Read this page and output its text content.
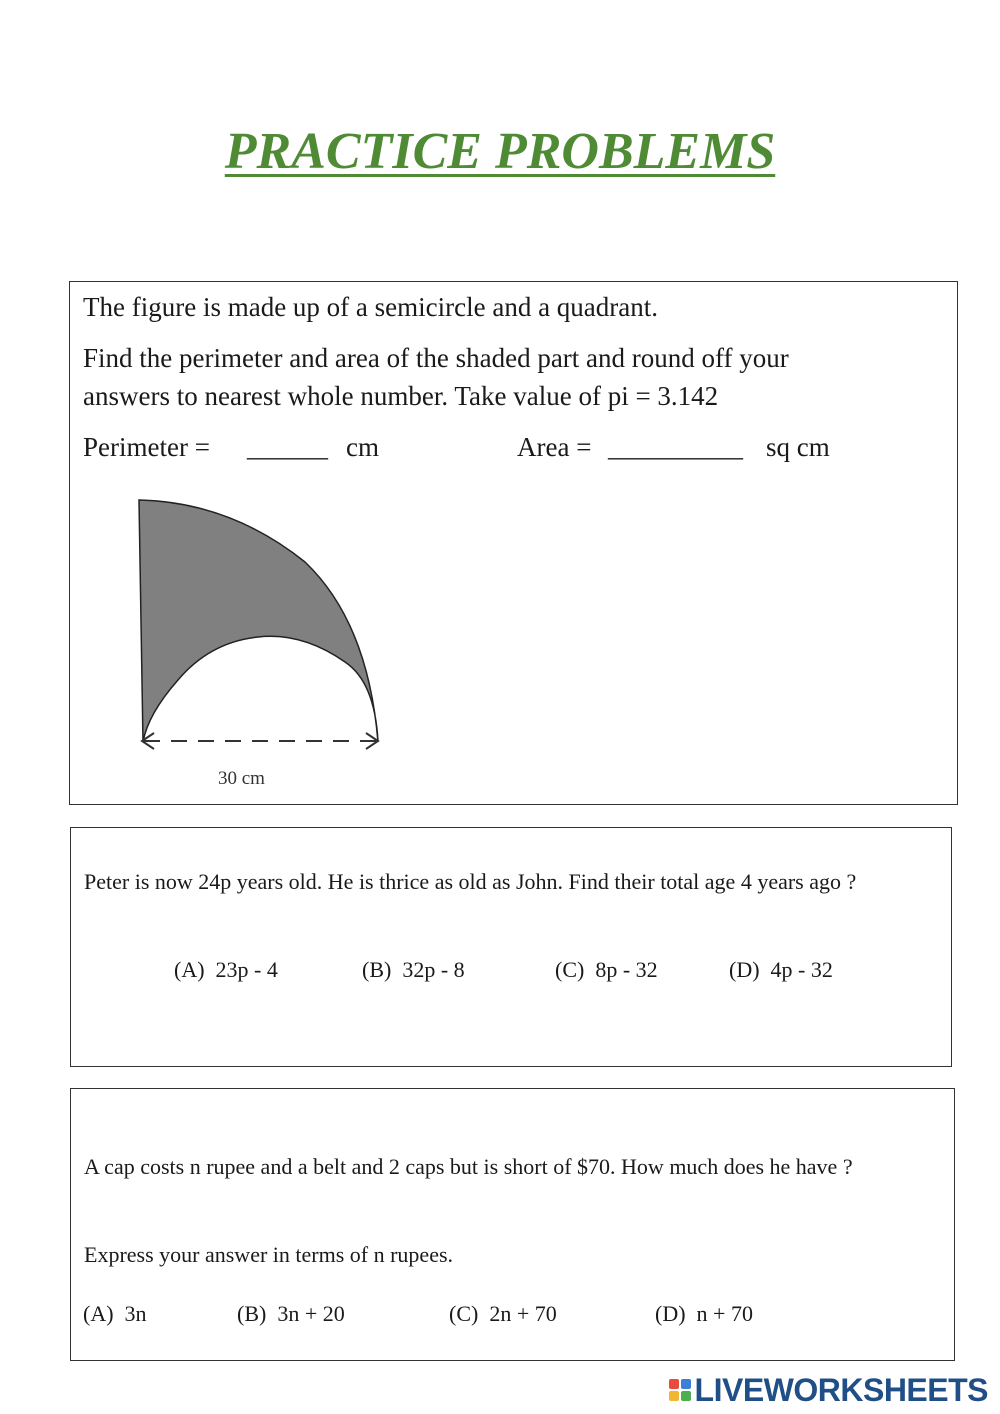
PRACTICE PROBLEMS
The figure is made up of a semicircle and a quadrant.
Find the perimeter and area of the shaded part and round off your
answers to nearest whole number. Take value of pi = 3.142
Perimeter = ______ cm	Area = __________ sq cm
30 cm
Peter is now 24p years old. He is thrice as old as John. Find their total age 4 years ago ?
(A)  23p - 4	(B)  32p - 8	(C)  8p - 32	(D)  4p - 32
A cap costs n rupee and a belt and 2 caps but is short of $70. How much does he have ?
Express your answer in terms of n rupees.
(A)  3n	(B)  3n + 20	(C)  2n + 70	(D)  n + 70
LIVEWORKSHEETS
